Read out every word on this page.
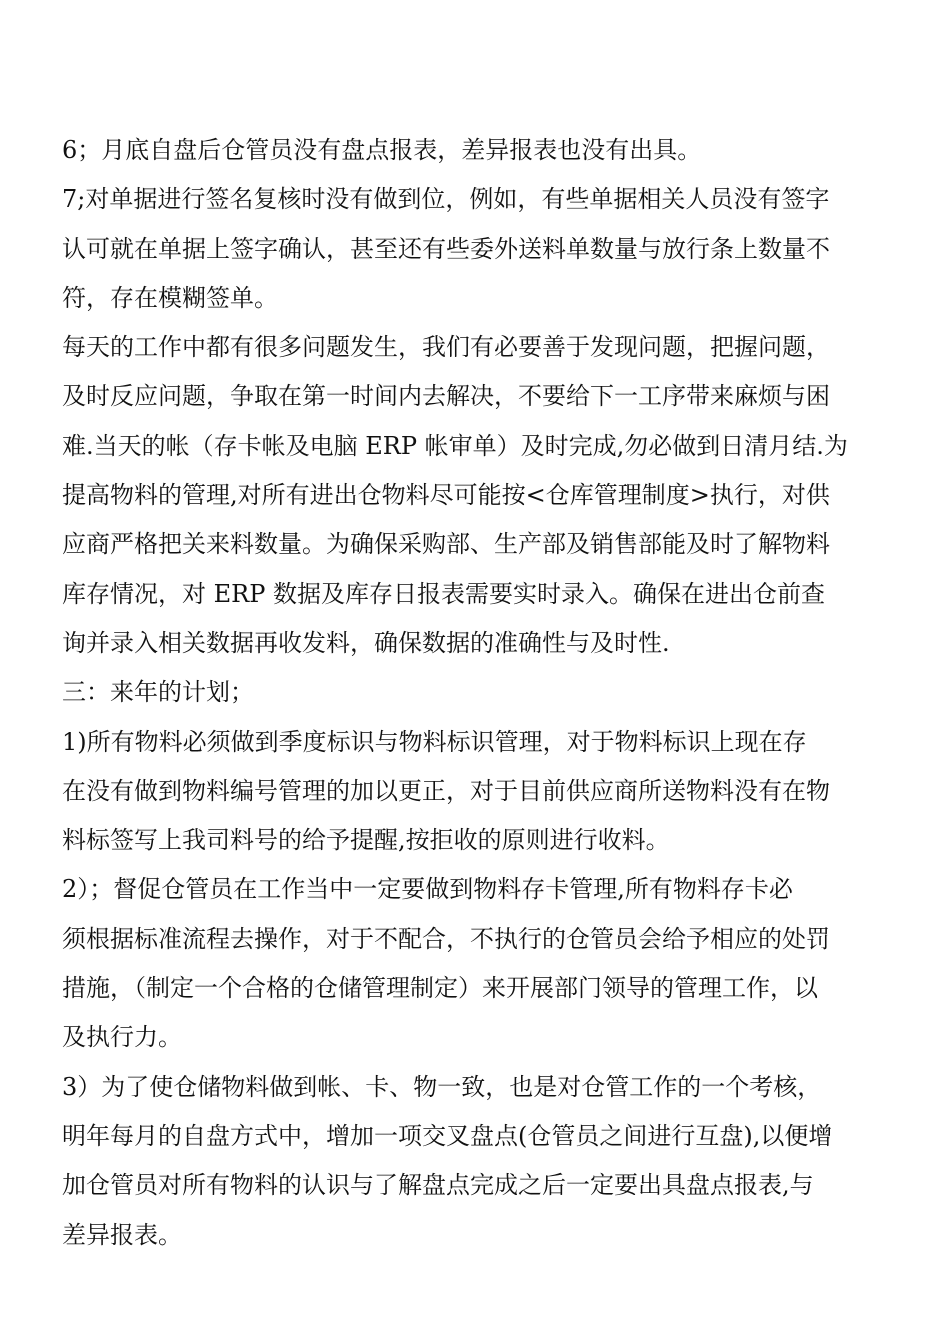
6；月底自盘后仓管员没有盘点报表，差异报表也没有出具。
7;对单据进行签名复核时没有做到位，例如，有些单据相关人员没有签字
认可就在单据上签字确认，甚至还有些委外送料单数量与放行条上数量不
符，存在模糊签单。
每天的工作中都有很多问题发生，我们有必要善于发现问题，把握问题，
及时反应问题，争取在第一时间内去解决，不要给下一工序带来麻烦与困
难.当天的帐（存卡帐及电脑 ERP 帐审单）及时完成,勿必做到日清月结.为
提高物料的管理,对所有进出仓物料尽可能按<仓库管理制度>执行，对供
应商严格把关来料数量。为确保采购部、生产部及销售部能及时了解物料
库存情况，对 ERP 数据及库存日报表需要实时录入。确保在进出仓前查
询并录入相关数据再收发料，确保数据的准确性与及时性.
三：来年的计划；
1)所有物料必须做到季度标识与物料标识管理，对于物料标识上现在存
在没有做到物料编号管理的加以更正，对于目前供应商所送物料没有在物
料标签写上我司料号的给予提醒,按拒收的原则进行收料。
2）；督促仓管员在工作当中一定要做到物料存卡管理,所有物料存卡必
须根据标准流程去操作，对于不配合，不执行的仓管员会给予相应的处罚
措施，（制定一个合格的仓储管理制定）来开展部门领导的管理工作，以
及执行力。
3）为了使仓储物料做到帐、卡、物一致，也是对仓管工作的一个考核，
明年每月的自盘方式中，增加一项交叉盘点(仓管员之间进行互盘),以便增
加仓管员对所有物料的认识与了解盘点完成之后一定要出具盘点报表,与
差异报表。
